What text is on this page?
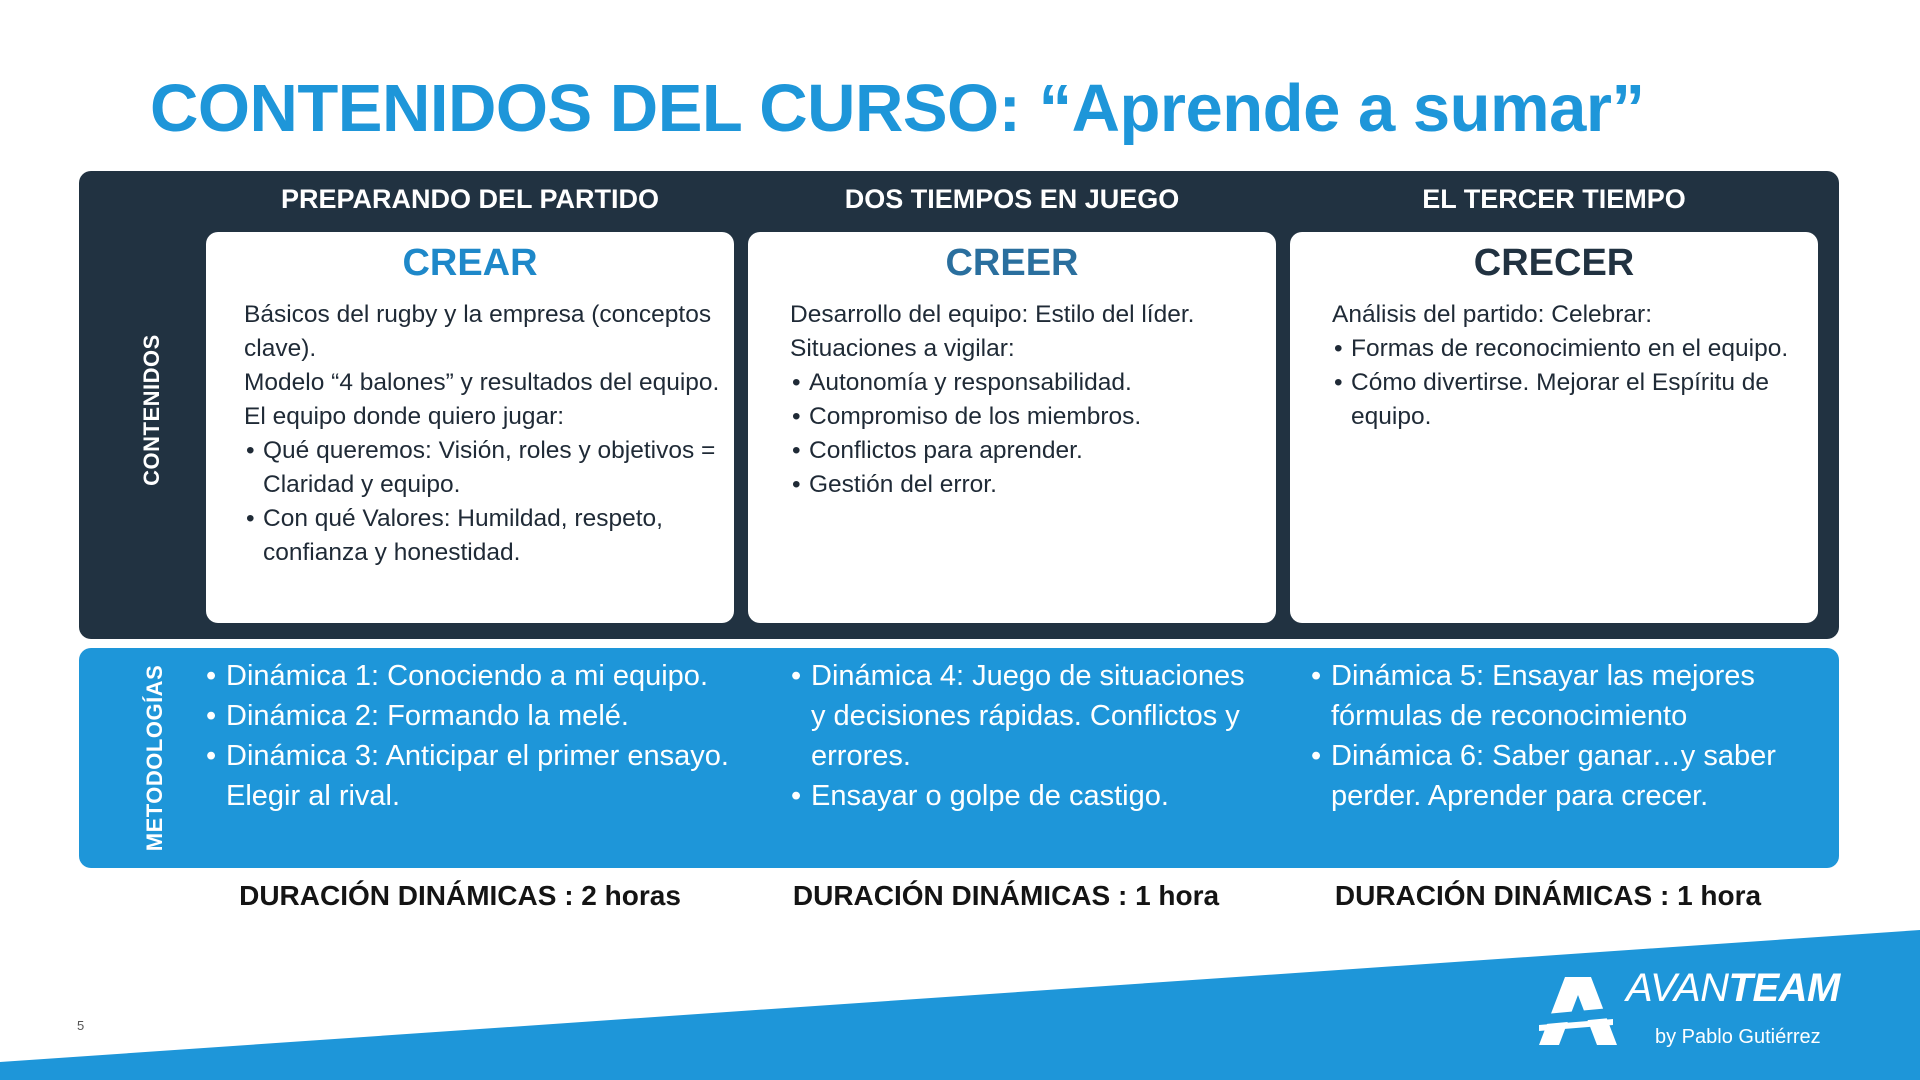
CONTENIDOS DEL CURSO: “Aprende a sumar”
CONTENIDOS
METODOLOGÍAS
PREPARANDO DEL PARTIDO
CREAR
Básicos del rugby y la empresa (conceptos clave).
Modelo “4 balones” y resultados del equipo.
El equipo donde quiero jugar:
• Qué queremos: Visión, roles y objetivos = Claridad y equipo.
• Con qué Valores: Humildad, respeto, confianza y honestidad.
DOS TIEMPOS EN JUEGO
CREER
Desarrollo del equipo: Estilo del líder.
Situaciones a vigilar:
• Autonomía y responsabilidad.
• Compromiso de los miembros.
• Conflictos para aprender.
• Gestión del error.
EL TERCER TIEMPO
CRECER
Análisis del partido: Celebrar:
• Formas de reconocimiento en el equipo.
• Cómo divertirse. Mejorar el Espíritu de equipo.
• Dinámica 1: Conociendo a mi equipo.
• Dinámica 2: Formando la melé.
• Dinámica 3: Anticipar el primer ensayo. Elegir al rival.
• Dinámica 4: Juego de situaciones y decisiones rápidas. Conflictos y errores.
• Ensayar o golpe de castigo.
• Dinámica 5: Ensayar las mejores fórmulas de reconocimiento
• Dinámica 6: Saber ganar…y saber perder. Aprender para crecer.
DURACIÓN DINÁMICAS : 2 horas	DURACIÓN DINÁMICAS : 1 hora	DURACIÓN DINÁMICAS : 1 hora
5
AVANTEAM
by Pablo Gutiérrez
